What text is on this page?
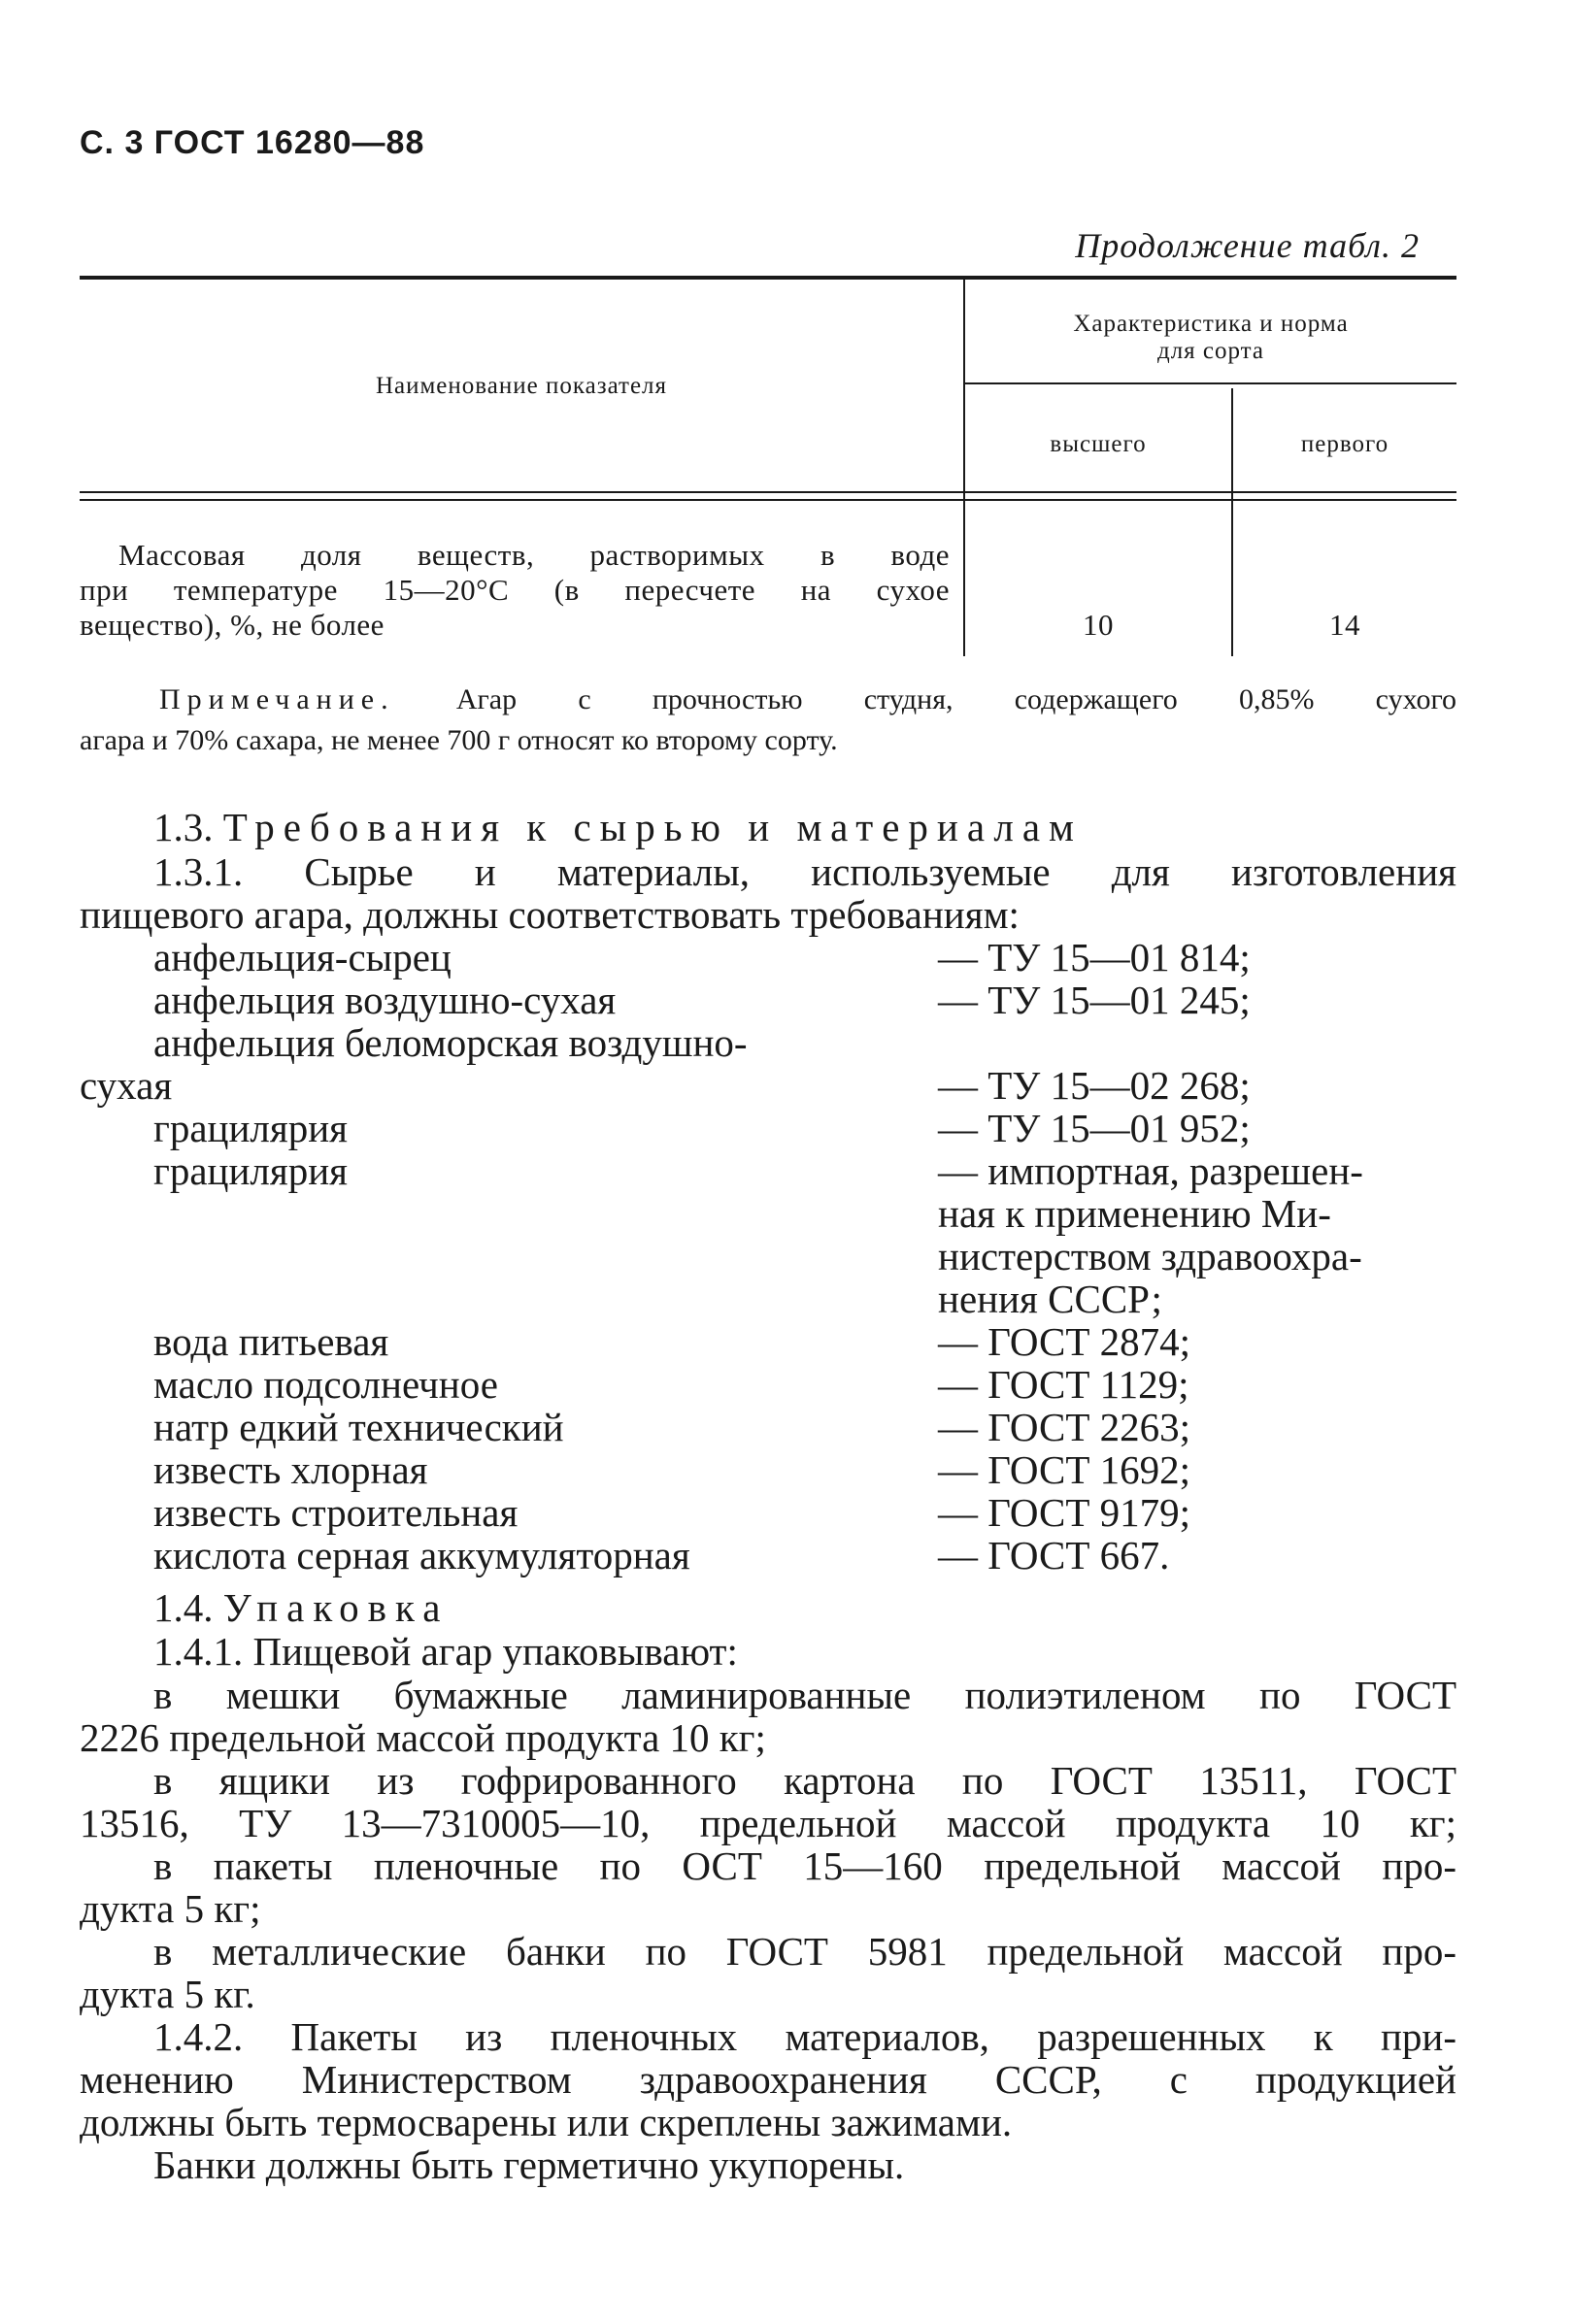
С. 3 ГОСТ 16280—88
Продолжение табл. 2
Наименование показателя
Характеристика и норма
для сорта
высшего	первого
Массовая доля веществ, растворимых в воде
при температуре 15—20°С (в пересчете на сухое
вещество), %, не более	10	14
Примечание. Агар с прочностью студня, содержащего 0,85% сухого
агара и 70% сахара, не менее 700 г относят ко второму сорту.
1.3. Требования к сырью и материалам
1.3.1. Сырье и материалы, используемые для изготовления
пищевого агара, должны соответствовать требованиям:
анфельция-сырец	— ТУ 15—01 814;
анфельция воздушно-сухая	— ТУ 15—01 245;
анфельция беломорская воздушно-
сухая	— ТУ 15—02 268;
грацилярия	— ТУ 15—01 952;
грацилярия	— импортная, разрешен-
ная к применению Ми-
нистерством здравоохра-
нения СССР;
вода питьевая	— ГОСТ 2874;
масло подсолнечное	— ГОСТ 1129;
натр едкий технический	— ГОСТ 2263;
известь хлорная	— ГОСТ 1692;
известь строительная	— ГОСТ 9179;
кислота серная аккумуляторная	— ГОСТ 667.
1.4. Упаковка
1.4.1. Пищевой агар упаковывают:
в мешки бумажные ламинированные полиэтиленом по ГОСТ
2226 предельной массой продукта 10 кг;
в ящики из гофрированного картона по ГОСТ 13511, ГОСТ
13516, ТУ 13—7310005—10, предельной массой продукта 10 кг;
в пакеты пленочные по ОСТ 15—160 предельной массой про-
дукта 5 кг;
в металлические банки по ГОСТ 5981 предельной массой про-
дукта 5 кг.
1.4.2. Пакеты из пленочных материалов, разрешенных к при-
менению Министерством здравоохранения СССР, с продукцией
должны быть термосварены или скреплены зажимами.
Банки должны быть герметично укупорены.
